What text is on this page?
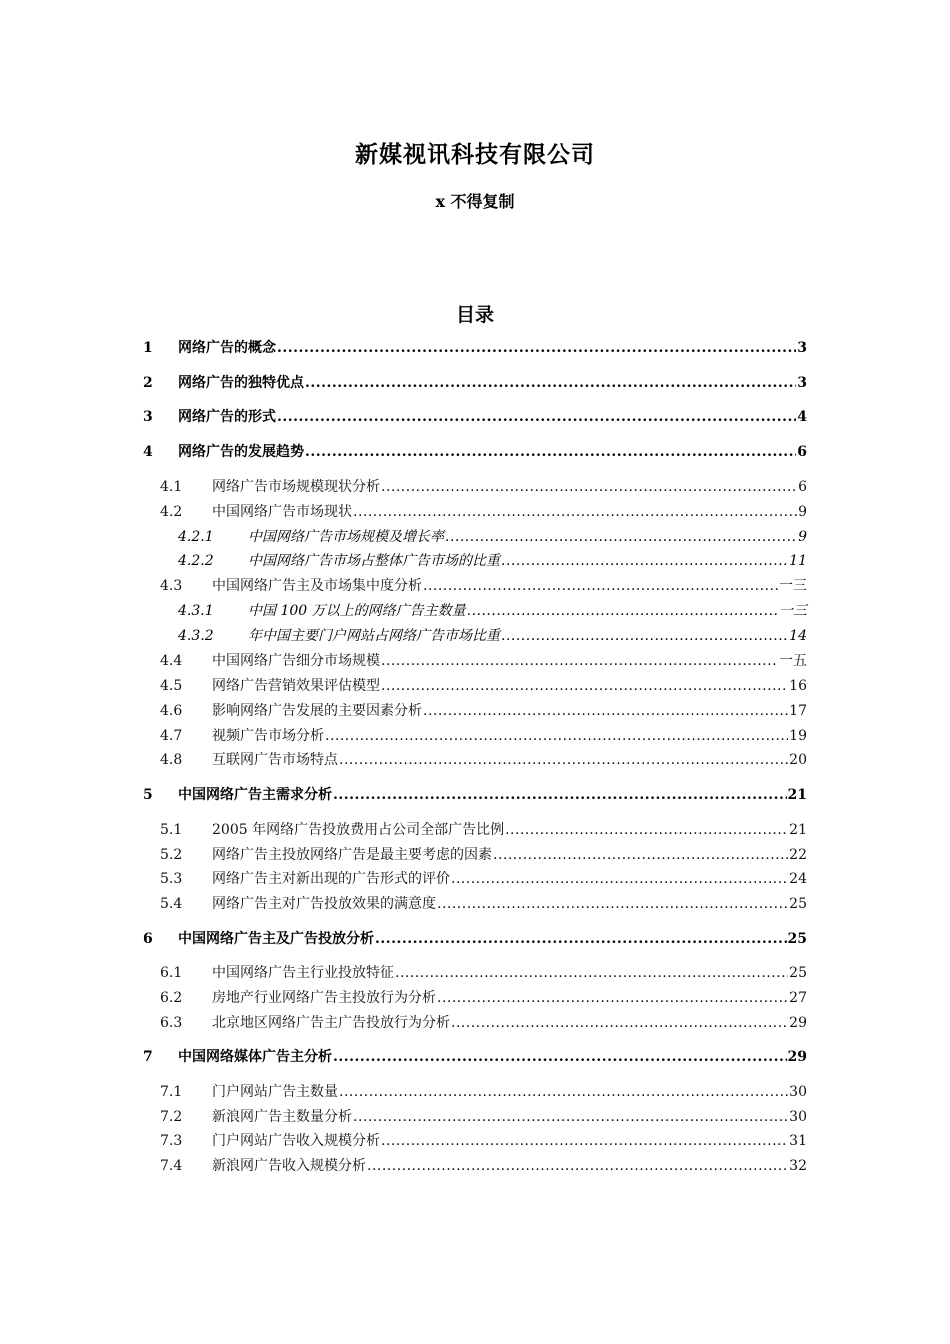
新媒视讯科技有限公司
x 不得复制
目录
1	网络广告的概念 .....	3
2	网络广告的独特优点 .....	3
3	网络广告的形式 .....	4
4	网络广告的发展趋势 .....	6
4.1	网络广告市场规模现状分析 .....	6
4.2	中国网络广告市场现状 .....	9
4.2.1	中国网络广告市场规模及增长率 .....	9
4.2.2	中国网络广告市场占整体广告市场的比重 .....	11
4.3	中国网络广告主及市场集中度分析 .....	一三
4.3.1	中国 100 万以上的网络广告主数量 .....	一三
4.3.2	年中国主要门户网站占网络广告市场比重 .....	14
4.4	中国网络广告细分市场规模 .....	一五
4.5	网络广告营销效果评估模型 .....	16
4.6	影响网络广告发展的主要因素分析 .....	17
4.7	视频广告市场分析 .....	19
4.8	互联网广告市场特点 .....	20
5	中国网络广告主需求分析 .....	21
5.1	2005 年网络广告投放费用占公司全部广告比例 .....	21
5.2	网络广告主投放网络广告是最主要考虑的因素 .....	22
5.3	网络广告主对新出现的广告形式的评价 .....	24
5.4	网络广告主对广告投放效果的满意度 .....	25
6	中国网络广告主及广告投放分析 .....	25
6.1	中国网络广告主行业投放特征 .....	25
6.2	房地产行业网络广告主投放行为分析 .....	27
6.3	北京地区网络广告主广告投放行为分析 .....	29
7	中国网络媒体广告主分析 .....	29
7.1	门户网站广告主数量 .....	30
7.2	新浪网广告主数量分析 .....	30
7.3	门户网站广告收入规模分析 .....	31
7.4	新浪网广告收入规模分析 .....	32
